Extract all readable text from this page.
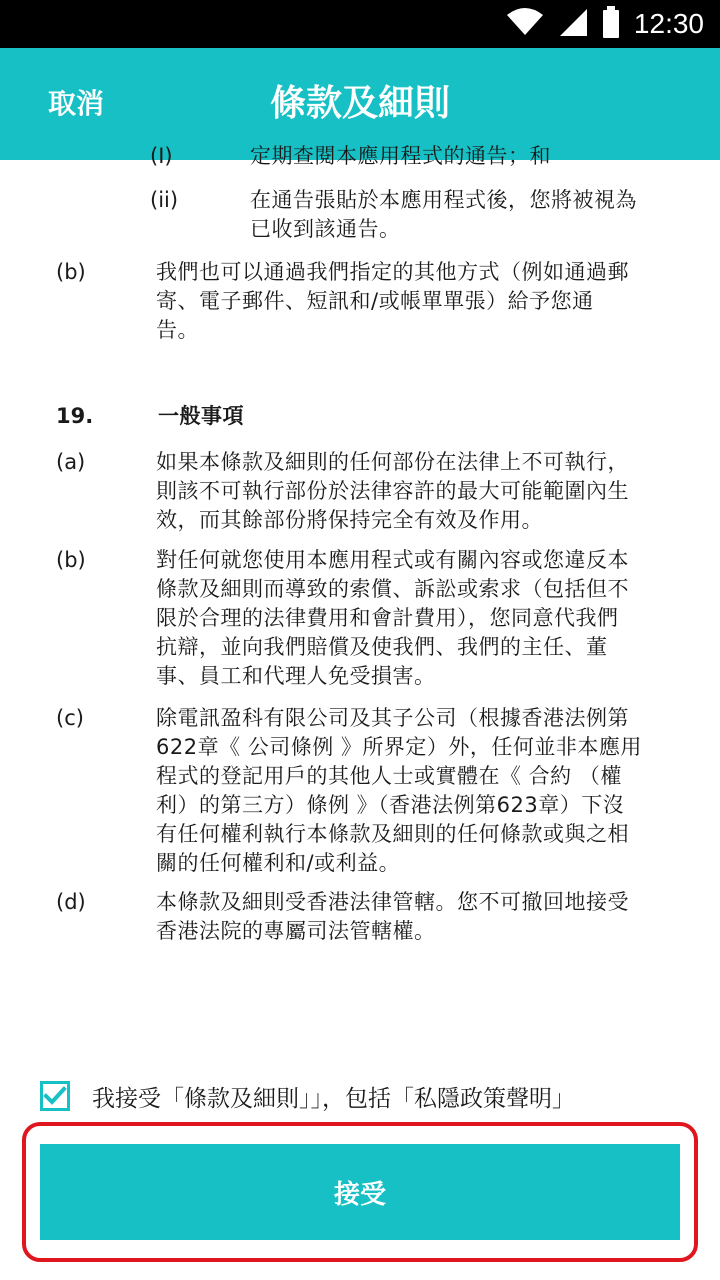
12:30
取消	條款及細則
(I)	定期查閱本應用程式的通告；和
(ii)	在通告張貼於本應用程式後，您將被視為
已收到該通告。
(b)	我們也可以通過我們指定的其他方式（例如通過郵
寄、電子郵件、短訊和/或帳單單張）給予您通
告。
19.	一般事項
(a)	如果本條款及細則的任何部份在法律上不可執行，
則該不可執行部份於法律容許的最大可能範圍內生
效，而其餘部份將保持完全有效及作用。
(b)	對任何就您使用本應用程式或有關內容或您違反本
條款及細則而導致的索償、訴訟或索求（包括但不
限於合理的法律費用和會計費用），您同意代我們
抗辯，並向我們賠償及使我們、我們的主任、董
事、員工和代理人免受損害。
(c)	除電訊盈科有限公司及其子公司（根據香港法例第
622章《 公司條例 》所界定）外，任何並非本應用
程式的登記用戶的其他人士或實體在《 合約 （權
利）的第三方）條例 》（香港法例第623章）下沒
有任何權利執行本條款及細則的任何條款或與之相
關的任何權利和/或利益。
(d)	本條款及細則受香港法律管轄。您不可撤回地接受
香港法院的專屬司法管轄權。
我接受「條款及細則」」，包括「私隱政策聲明」
接受
